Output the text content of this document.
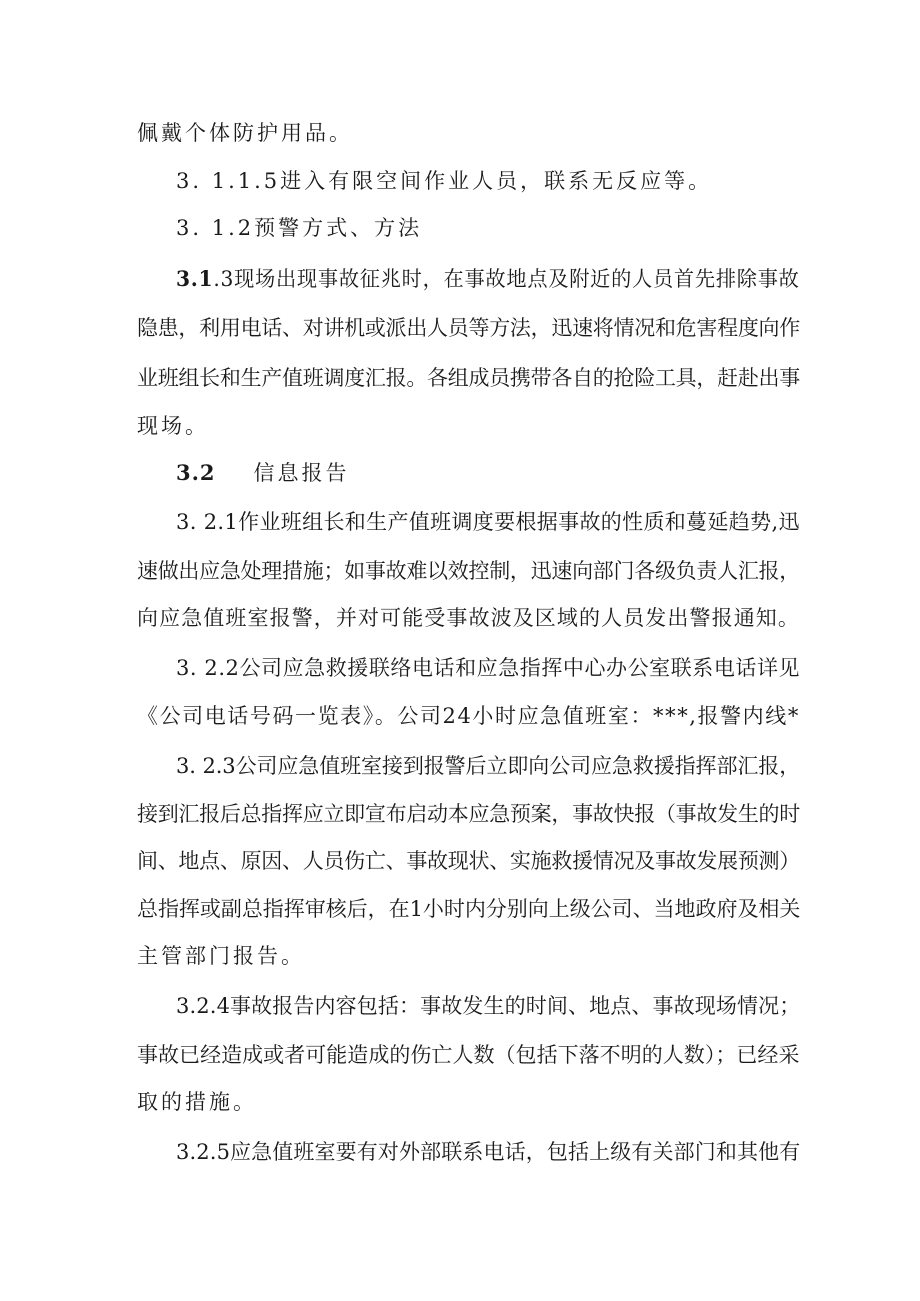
佩戴个体防护用品。
3. 1.1.5进入有限空间作业人员，联系无反应等。
3. 1.2预警方式、方法
3.1.3现场出现事故征兆时，在事故地点及附近的人员首先排除事故
隐患，利用电话、对讲机或派出人员等方法，迅速将情况和危害程度向作
业班组长和生产值班调度汇报。各组成员携带各自的抢险工具，赶赴出事
现场。
3.2 信息报告
3. 2.1作业班组长和生产值班调度要根据事故的性质和蔓延趋势,迅
速做出应急处理措施；如事故难以效控制，迅速向部门各级负责人汇报，
向应急值班室报警，并对可能受事故波及区域的人员发出警报通知。
3. 2.2公司应急救援联络电话和应急指挥中心办公室联系电话详见
《公司电话号码一览表》。公司24小时应急值班室：***,报警内线*
3. 2.3公司应急值班室接到报警后立即向公司应急救援指挥部汇报，
接到汇报后总指挥应立即宣布启动本应急预案，事故快报（事故发生的时
间、地点、原因、人员伤亡、事故现状、实施救援情况及事故发展预测）
总指挥或副总指挥审核后，在1小时内分别向上级公司、当地政府及相关
主管部门报告。
3.2.4事故报告内容包括：事故发生的时间、地点、事故现场情况；
事故已经造成或者可能造成的伤亡人数（包括下落不明的人数）；已经采
取的措施。
3.2.5应急值班室要有对外部联系电话，包括上级有关部门和其他有
